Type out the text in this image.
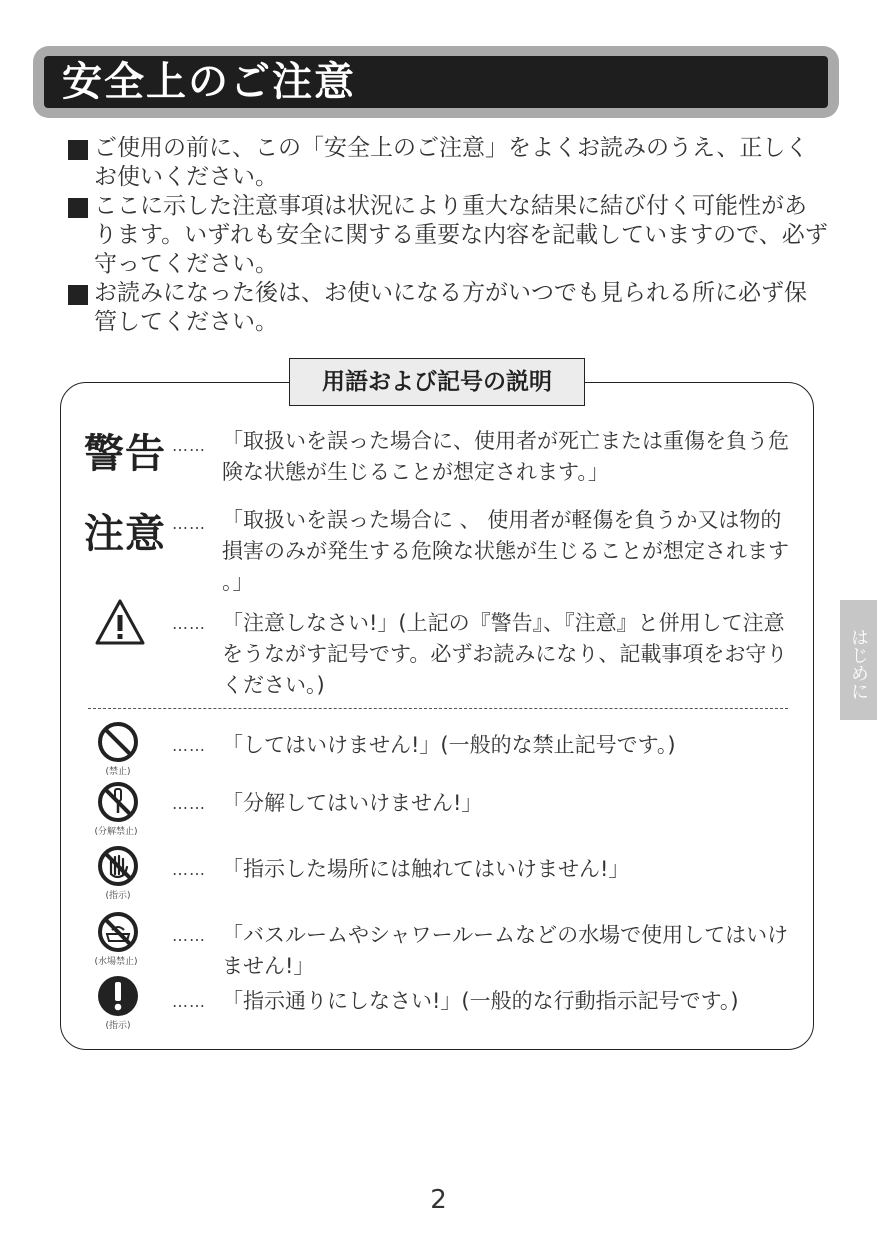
安全上のご注意
ご使用の前に、この「安全上のご注意」をよくお読みのうえ、正しくお使いください。
ここに示した注意事項は状況により重大な結果に結び付く可能性があります。いずれも安全に関する重要な内容を記載していますので、必ず守ってください。
お読みになった後は、お使いになる方がいつでも見られる所に必ず保管してください。
用語および記号の説明
警告 …… 「取扱いを誤った場合に、使用者が死亡または重傷を負う危険な状態が生じることが想定されます。」
注意 …… 「取扱いを誤った場合に 、 使用者が軽傷を負うか又は物的損害のみが発生する危険な状態が生じることが想定されます 。」
…… 「注意しなさい!」(上記の『警告』、『注意』と併用して注意をうながす記号です。必ずお読みになり、記載事項をお守りください。)
(禁止)
…… 「してはいけません!」(一般的な禁止記号です。)
(分解禁止)
…… 「分解してはいけません!」
(指示)
…… 「指示した場所には触れてはいけません!」
(水場禁止)
…… 「バスルームやシャワールームなどの水場で使用してはいけません!」
(指示)
…… 「指示通りにしなさい!」(一般的な行動指示記号です。)
はじめに
2
